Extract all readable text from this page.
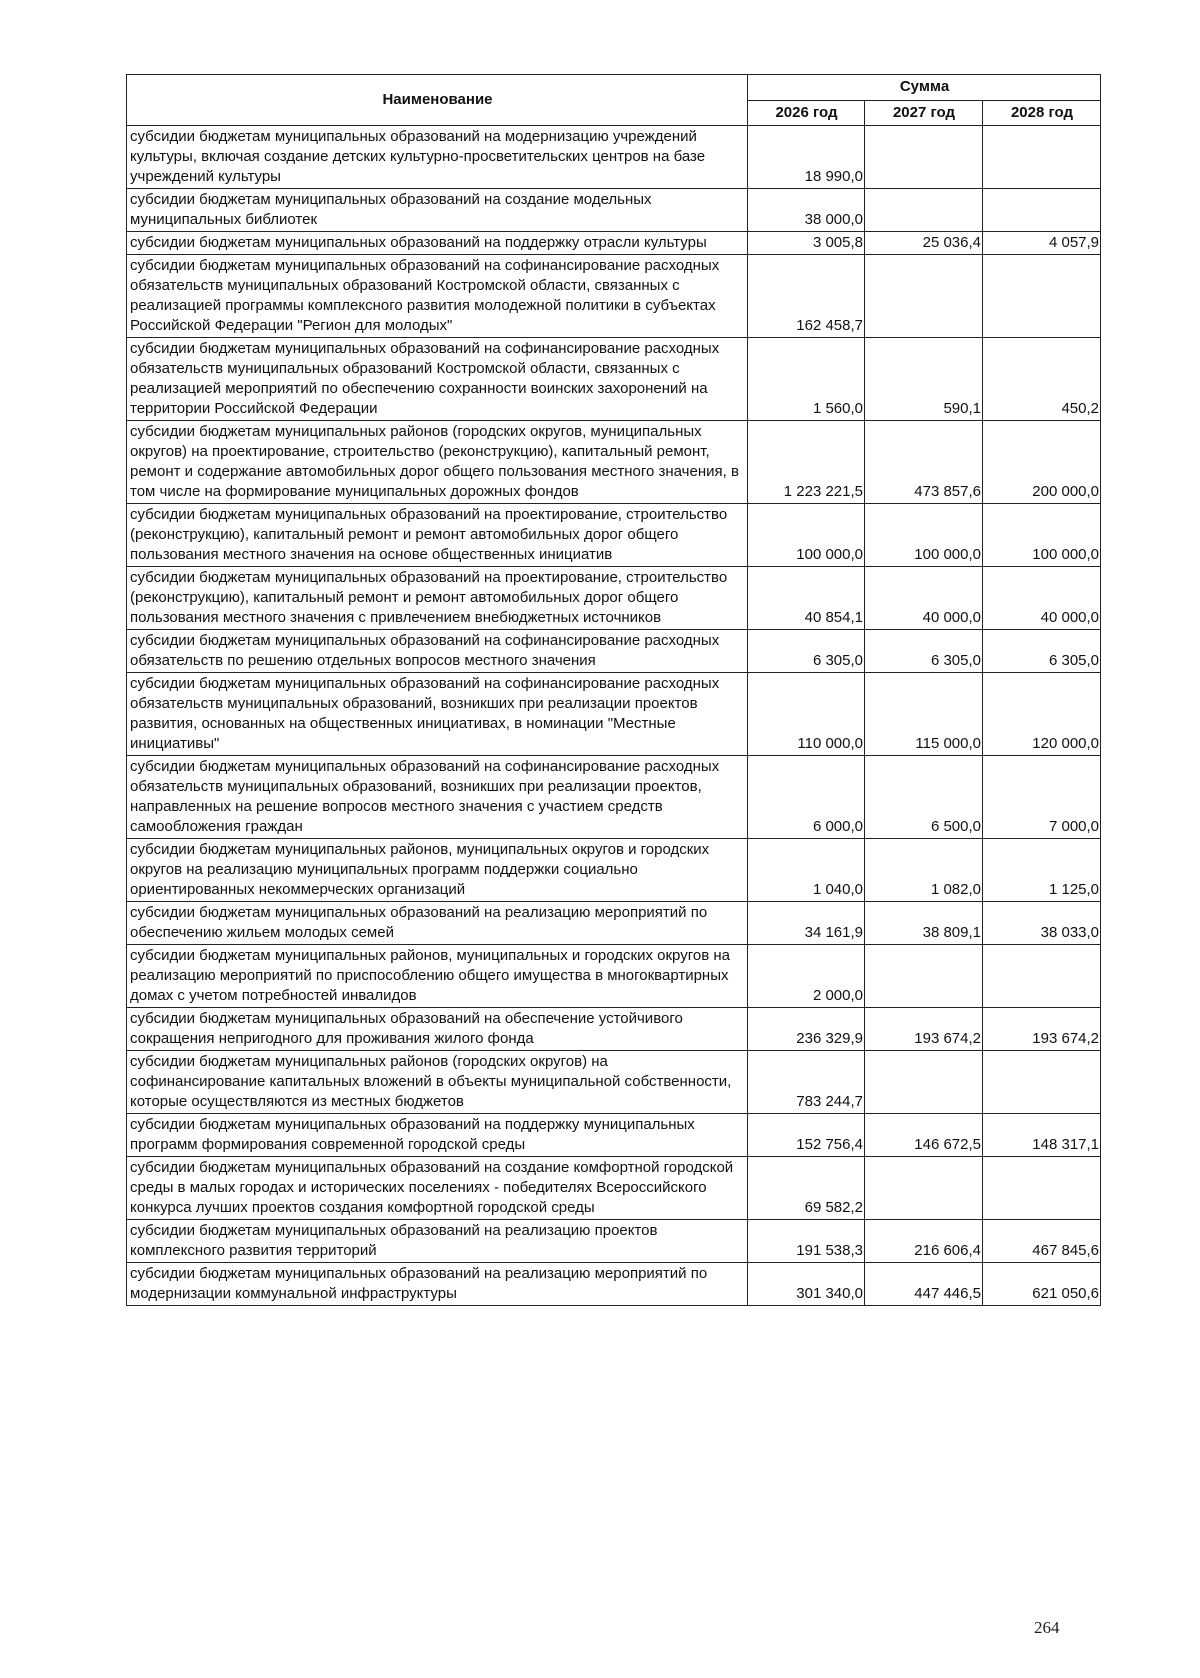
Наименование	Сумма		
	2026 год	2027 год	2028 год
субсидии бюджетам муниципальных образований на модернизацию учреждений культуры, включая создание детских культурно-просветительских центров на базе учреждений культуры	18 990,0		
субсидии бюджетам муниципальных образований на создание модельных муниципальных библиотек	38 000,0		
субсидии бюджетам муниципальных образований на поддержку отрасли культуры	3 005,8	25 036,4	4 057,9
субсидии бюджетам муниципальных образований на софинансирование расходных обязательств муниципальных образований Костромской области, связанных с реализацией программы комплексного развития молодежной политики в субъектах Российской Федерации "Регион для молодых"	162 458,7		
субсидии бюджетам муниципальных образований на софинансирование расходных обязательств муниципальных образований Костромской области, связанных с реализацией мероприятий по обеспечению сохранности воинских захоронений на территории Российской Федерации	1 560,0	590,1	450,2
субсидии бюджетам муниципальных районов (городских округов, муниципальных округов) на проектирование, строительство (реконструкцию), капитальный ремонт, ремонт и содержание автомобильных дорог общего пользования местного значения, в том числе на формирование муниципальных дорожных фондов	1 223 221,5	473 857,6	200 000,0
субсидии бюджетам муниципальных образований на проектирование, строительство (реконструкцию), капитальный ремонт и ремонт автомобильных дорог общего пользования местного значения на основе общественных инициатив	100 000,0	100 000,0	100 000,0
субсидии бюджетам муниципальных образований на проектирование, строительство (реконструкцию), капитальный ремонт и ремонт автомобильных дорог общего пользования местного значения с привлечением внебюджетных источников	40 854,1	40 000,0	40 000,0
субсидии бюджетам муниципальных образований на софинансирование расходных обязательств по решению отдельных вопросов местного значения	6 305,0	6 305,0	6 305,0
субсидии бюджетам муниципальных образований на софинансирование расходных обязательств муниципальных образований, возникших при реализации проектов развития, основанных на общественных инициативах, в номинации "Местные инициативы"	110 000,0	115 000,0	120 000,0
субсидии бюджетам муниципальных образований на софинансирование расходных обязательств муниципальных образований, возникших при реализации проектов, направленных на решение вопросов местного значения с участием средств самообложения граждан	6 000,0	6 500,0	7 000,0
субсидии бюджетам муниципальных районов, муниципальных округов и городских округов на реализацию муниципальных программ поддержки социально ориентированных некоммерческих организаций	1 040,0	1 082,0	1 125,0
субсидии бюджетам муниципальных образований на реализацию мероприятий по обеспечению жильем молодых семей	34 161,9	38 809,1	38 033,0
субсидии бюджетам муниципальных районов, муниципальных и городских округов на реализацию мероприятий по приспособлению общего имущества в многоквартирных домах с учетом потребностей инвалидов	2 000,0		
субсидии бюджетам муниципальных образований на обеспечение устойчивого сокращения непригодного для проживания жилого фонда	236 329,9	193 674,2	193 674,2
субсидии бюджетам муниципальных районов (городских округов) на софинансирование капитальных вложений в объекты муниципальной собственности, которые осуществляются из местных бюджетов	783 244,7		
субсидии бюджетам муниципальных образований на поддержку муниципальных программ формирования современной городской среды	152 756,4	146 672,5	148 317,1
субсидии бюджетам муниципальных образований на создание комфортной городской среды в малых городах и исторических поселениях - победителях Всероссийского конкурса лучших проектов создания комфортной городской среды	69 582,2		
субсидии бюджетам муниципальных образований на реализацию проектов комплексного развития территорий	191 538,3	216 606,4	467 845,6
субсидии бюджетам муниципальных образований на реализацию мероприятий по модернизации коммунальной инфраструктуры	301 340,0	447 446,5	621 050,6
264
